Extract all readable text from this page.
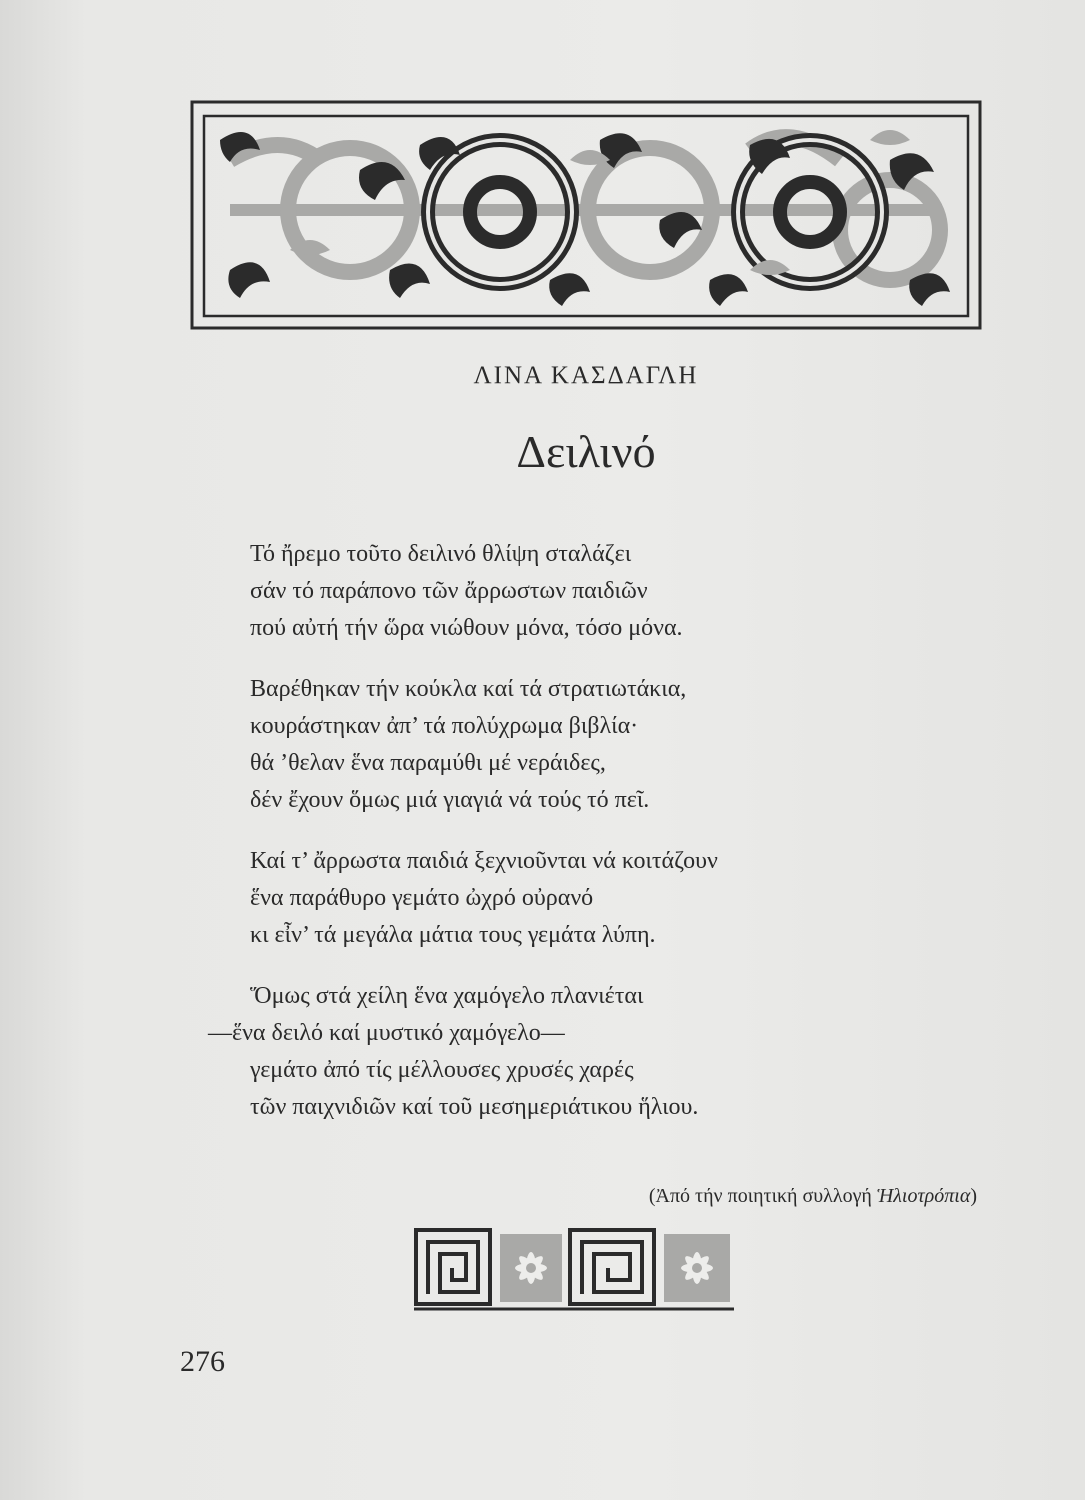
ΛΙΝΑ ΚΑΣΔΑΓΛΗ
Δειλινό
Τό ἤρεμο τοῦτο δειλινό θλίψη σταλάζει
σάν τό παράπονο τῶν ἄρρωστων παιδιῶν
πού αὐτή τήν ὥρα νιώθουν μόνα, τόσο μόνα.
Βαρέθηκαν τήν κούκλα καί τά στρατιωτάκια,
κουράστηκαν ἀπ’ τά πολύχρωμα βιβλία·
θά ’θελαν ἕνα παραμύθι μέ νεράιδες,
δέν ἔχουν ὅμως μιά γιαγιά νά τούς τό πεῖ.
Καί τ’ ἄρρωστα παιδιά ξεχνιοῦνται νά κοιτάζουν
ἕνα παράθυρο γεμάτο ὠχρό οὐρανό
κι εἶν’ τά μεγάλα μάτια τους γεμάτα λύπη.
Ὅμως στά χείλη ἕνα χαμόγελο πλανιέται
—ἕνα δειλό καί μυστικό χαμόγελο—
γεμάτο ἀπό τίς μέλλουσες χρυσές χαρές
τῶν παιχνιδιῶν καί τοῦ μεσημεριάτικου ἥλιου.
(Ἀπό τήν ποιητική συλλογή Ἡλιοτρόπια)
276
